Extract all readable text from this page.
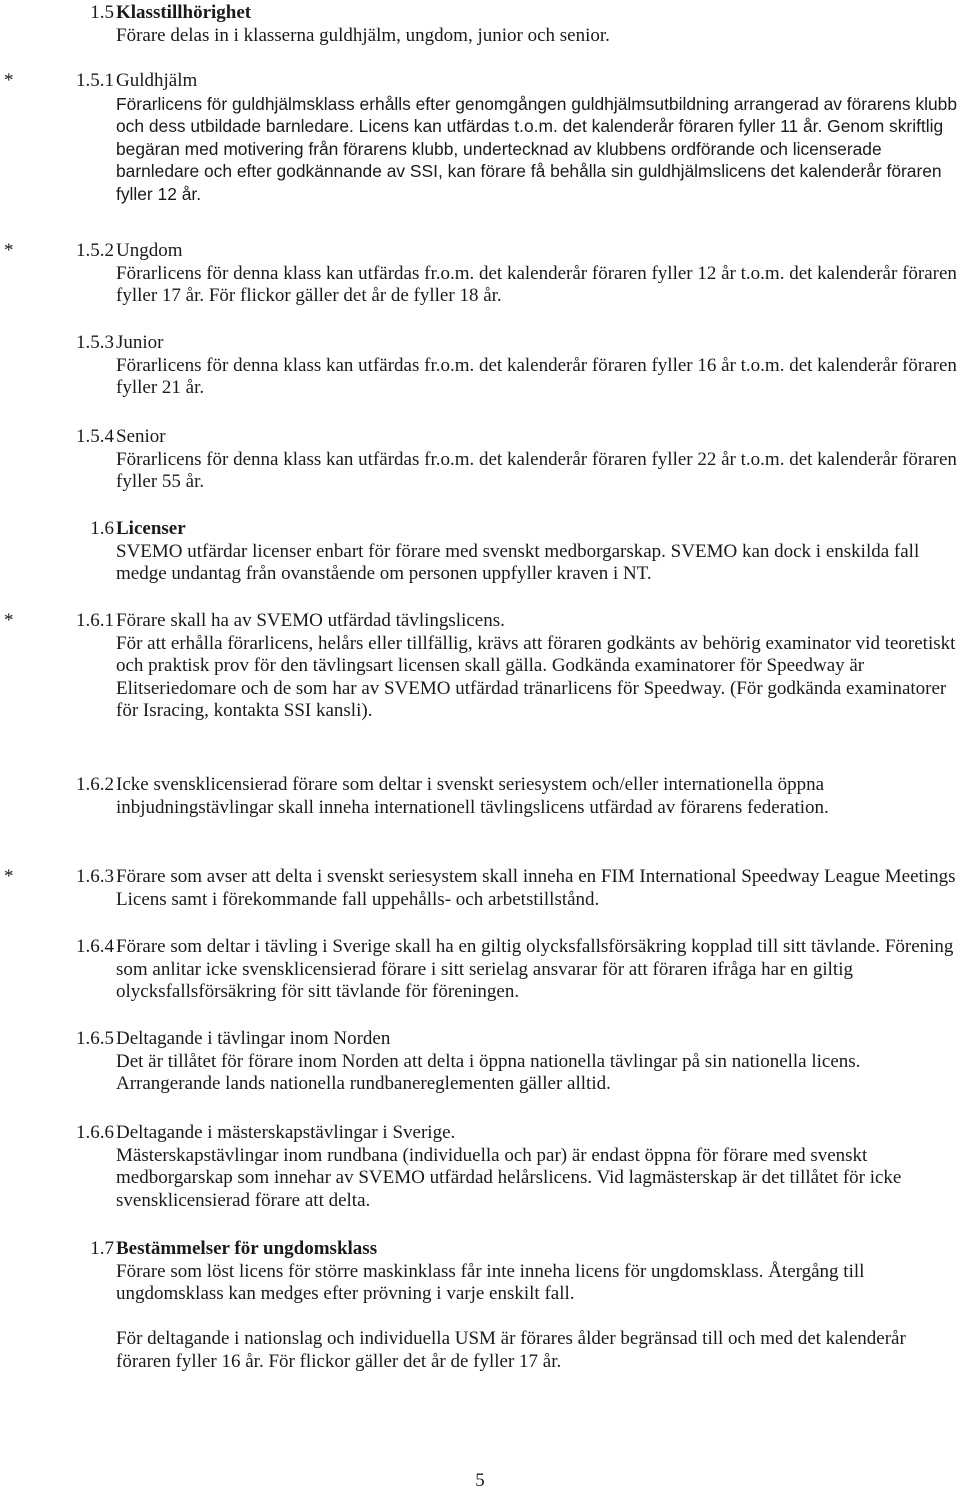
1.5 Klasstillhörighet

Förare delas in i klasserna guldhjälm, ungdom, junior och senior.

*	1.5.1 Guldhjälm

Förarlicens för guldhjälmsklass erhålls efter genomgången guldhjälmsutbildning arrangerad av förarens klubb och dess utbildade barnledare. Licens kan utfärdas t.o.m. det kalenderår föraren fyller 11 år. Genom skriftlig begäran med motivering från förarens klubb, undertecknad av klubbens ordförande och licenserade barnledare och efter godkännande av SSI, kan förare få behålla sin guldhjälmslicens det kalenderår föraren fyller 12 år.

*	1.5.2 Ungdom

Förarlicens för denna klass kan utfärdas fr.o.m. det kalenderår föraren fyller 12 år t.o.m. det kalenderår föraren fyller 17 år. För flickor gäller det år de fyller 18 år.

1.5.3 Junior

Förarlicens för denna klass kan utfärdas fr.o.m. det kalenderår föraren fyller 16 år t.o.m. det kalenderår föraren fyller 21 år.

1.5.4 Senior

Förarlicens för denna klass kan utfärdas fr.o.m. det kalenderår föraren fyller 22 år t.o.m. det kalenderår föraren fyller 55 år.

1.6 Licenser

SVEMO utfärdar licenser enbart för förare med svenskt medborgarskap. SVEMO kan dock i enskilda fall medge undantag från ovanstående om personen uppfyller kraven i NT.

*	1.6.1 Förare skall ha av SVEMO utfärdad tävlingslicens.

För att erhålla förarlicens, helårs eller tillfällig, krävs att föraren godkänts av behörig examinator vid teoretiskt och praktisk prov för den tävlingsart licensen skall gälla. Godkända examinatorer för Speedway är Elitseriedomare och de som har av SVEMO utfärdad tränarlicens för Speedway. (För godkända examinatorer för Isracing, kontakta SSI kansli).

1.6.2 Icke svensklicensierad förare som deltar i svenskt seriesystem och/eller internationella öppna inbjudningstävlingar skall inneha internationell tävlingslicens utfärdad av förarens federation.

*	1.6.3 Förare som avser att delta i svenskt seriesystem skall inneha en FIM International Speedway League Meetings Licens samt i förekommande fall uppehålls- och arbetstillstånd.

1.6.4 Förare som deltar i tävling i Sverige skall ha en giltig olycksfallsförsäkring kopplad till sitt tävlande. Förening som anlitar icke svensklicensierad förare i sitt serielag ansvarar för att föraren ifråga har en giltig olycksfallsförsäkring för sitt tävlande för föreningen.

1.6.5 Deltagande i tävlingar inom Norden

Det är tillåtet för förare inom Norden att delta i öppna nationella tävlingar på sin nationella licens. Arrangerande lands nationella rundbanereglementen gäller alltid.

1.6.6 Deltagande i mästerskapstävlingar i Sverige.

Mästerskapstävlingar inom rundbana (individuella och par) är endast öppna för förare med svenskt medborgarskap som innehar av SVEMO utfärdad helårslicens. Vid lagmästerskap är det tillåtet för icke svensklicensierad förare att delta.

1.7 Bestämmelser för ungdomsklass

Förare som löst licens för större maskinklass får inte inneha licens för ungdomsklass. Återgång till ungdomsklass kan medges efter prövning i varje enskilt fall.

För deltagande i nationslag och individuella USM är förares ålder begränsad till och med det kalenderår föraren fyller 16 år. För flickor gäller det år de fyller 17 år.

5
